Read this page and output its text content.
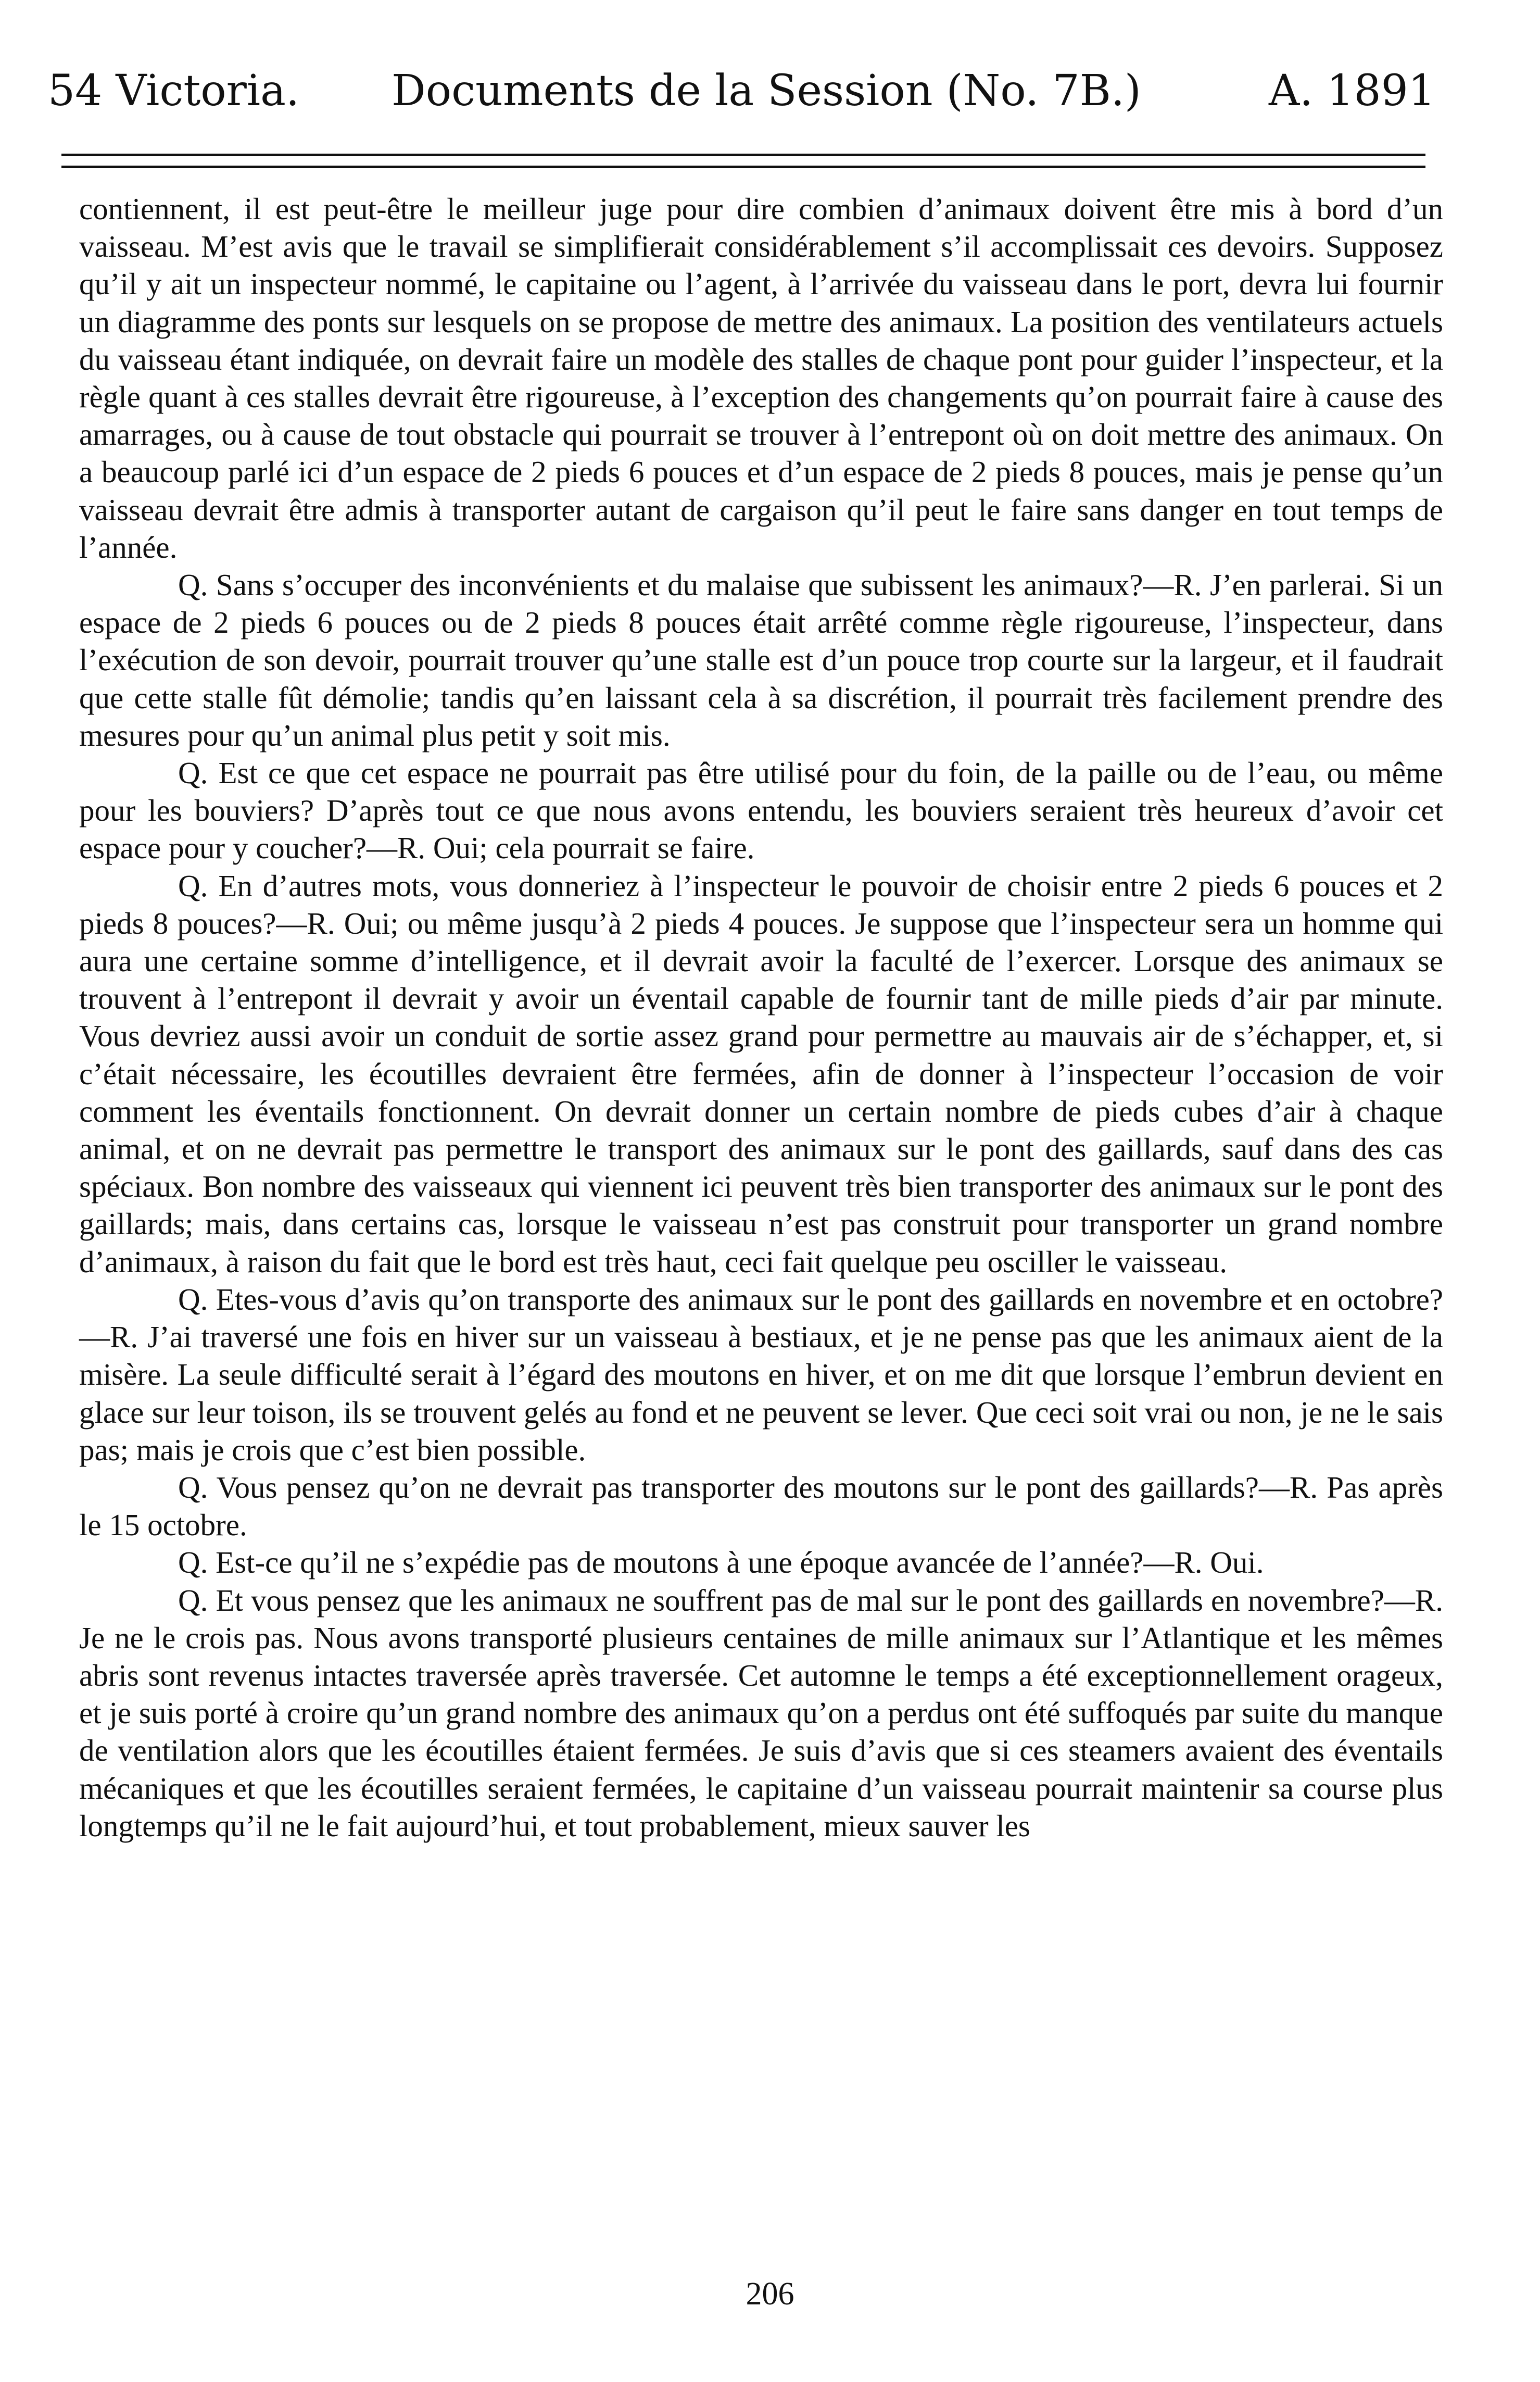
54 Victoria. Documents de la Session (No. 7B.)	A. 1891

contiennent, il est peut-être le meilleur juge pour dire combien d’animaux doivent être mis à bord d’un vaisseau. M’est avis que le travail se simplifierait considérablement s’il accomplissait ces devoirs. Supposez qu’il y ait un inspecteur nommé, le capitaine ou l’agent, à l’arrivée du vaisseau dans le port, devra lui fournir un diagramme des ponts sur lesquels on se propose de mettre des animaux. La position des ventilateurs actuels du vaisseau étant indiquée, on devrait faire un modèle des stalles de chaque pont pour guider l’inspecteur, et la règle quant à ces stalles devrait être rigoureuse, à l’exception des changements qu’on pourrait faire à cause des amarrages, ou à cause de tout obstacle qui pourrait se trouver à l’entrepont où on doit mettre des animaux. On a beaucoup parlé ici d’un espace de 2 pieds 6 pouces et d’un espace de 2 pieds 8 pouces, mais je pense qu’un vaisseau devrait être admis à transporter autant de cargaison qu’il peut le faire sans danger en tout temps de l’année.

Q. Sans s’occuper des inconvénients et du malaise que subissent les animaux?—R. J’en parlerai. Si un espace de 2 pieds 6 pouces ou de 2 pieds 8 pouces était arrêté comme règle rigoureuse, l’inspecteur, dans l’exécution de son devoir, pourrait trouver qu’une stalle est d’un pouce trop courte sur la largeur, et il faudrait que cette stalle fût démolie; tandis qu’en laissant cela à sa discrétion, il pourrait très facilement prendre des mesures pour qu’un animal plus petit y soit mis.

Q. Est ce que cet espace ne pourrait pas être utilisé pour du foin, de la paille ou de l’eau, ou même pour les bouviers? D’après tout ce que nous avons entendu, les bouviers seraient très heureux d’avoir cet espace pour y coucher?—R. Oui; cela pourrait se faire.

Q. En d’autres mots, vous donneriez à l’inspecteur le pouvoir de choisir entre 2 pieds 6 pouces et 2 pieds 8 pouces?—R. Oui; ou même jusqu’à 2 pieds 4 pouces. Je suppose que l’inspecteur sera un homme qui aura une certaine somme d’intelligence, et il devrait avoir la faculté de l’exercer. Lorsque des animaux se trouvent à l’entrepont il devrait y avoir un éventail capable de fournir tant de mille pieds d’air par minute. Vous devriez aussi avoir un conduit de sortie assez grand pour permettre au mauvais air de s’échapper, et, si c’était nécessaire, les écoutilles devraient être fermées, afin de donner à l’inspecteur l’occasion de voir comment les éventails fonctionnent. On devrait donner un certain nombre de pieds cubes d’air à chaque animal, et on ne devrait pas permettre le transport des animaux sur le pont des gaillards, sauf dans des cas spéciaux. Bon nombre des vaisseaux qui viennent ici peuvent très bien transporter des animaux sur le pont des gaillards; mais, dans certains cas, lorsque le vaisseau n’est pas construit pour transporter un grand nombre d’animaux, à raison du fait que le bord est très haut, ceci fait quelque peu osciller le vaisseau.

Q. Etes-vous d’avis qu’on transporte des animaux sur le pont des gaillards en novembre et en octobre?—R. J’ai traversé une fois en hiver sur un vaisseau à bestiaux, et je ne pense pas que les animaux aient de la misère. La seule difficulté serait à l’égard des moutons en hiver, et on me dit que lorsque l’embrun devient en glace sur leur toison, ils se trouvent gelés au fond et ne peuvent se lever. Que ceci soit vrai ou non, je ne le sais pas; mais je crois que c’est bien possible.

Q. Vous pensez qu’on ne devrait pas transporter des moutons sur le pont des gaillards?—R. Pas après le 15 octobre.

Q. Est-ce qu’il ne s’expédie pas de moutons à une époque avancée de l’année?—R. Oui.

Q. Et vous pensez que les animaux ne souffrent pas de mal sur le pont des gaillards en novembre?—R. Je ne le crois pas. Nous avons transporté plusieurs centaines de mille animaux sur l’Atlantique et les mêmes abris sont revenus intactes traversée après traversée. Cet automne le temps a été exceptionnellement orageux, et je suis porté à croire qu’un grand nombre des animaux qu’on a perdus ont été suffoqués par suite du manque de ventilation alors que les écoutilles étaient fermées. Je suis d’avis que si ces steamers avaient des éventails mécaniques et que les écoutilles seraient fermées, le capitaine d’un vaisseau pourrait maintenir sa course plus longtemps qu’il ne le fait aujourd’hui, et tout probablement, mieux sauver les

206
